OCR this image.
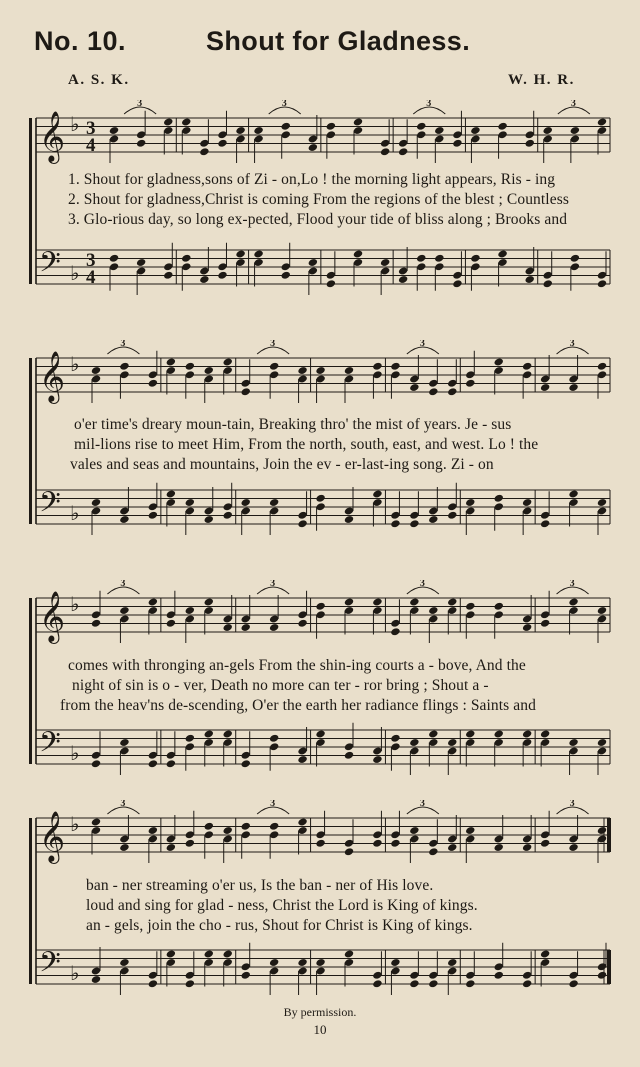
No. 10.	Shout for Gladness.
A. S. K.	W. H. R.
𝄞
𝄢
♭
♭
3
4
3
4
3	3	3	3
1. Shout for gladness,sons of Zi - on,Lo ! the morning light appears, Ris - ing
2. Shout for gladness,Christ is coming From the regions of the blest ; Countless
3. Glo-rious day, so long ex-pected, Flood your tide of bliss along ; Brooks and
𝄞
𝄢
♭
♭
3	3	3	3
o'er time's dreary moun-tain, Breaking thro' the mist of years. Je - sus
mil-lions rise to meet Him, From the north, south, east, and west. Lo ! the
vales and seas and mountains, Join the ev - er-last-ing song. Zi - on
𝄞
𝄢
♭
♭
3	3	3	3
comes with thronging an-gels From the shin-ing courts a - bove, And the
night of sin is o - ver, Death no more can ter - ror bring ; Shout a -
from the heav'ns de-scending, O'er the earth her radiance flings : Saints and
𝄞
𝄢
♭
♭
3	3	3	3
ban - ner streaming o'er us, Is the ban - ner of His love.
loud and sing for glad - ness, Christ the Lord is King of kings.
an - gels, join the cho - rus, Shout for Christ is King of kings.
By permission.
10
